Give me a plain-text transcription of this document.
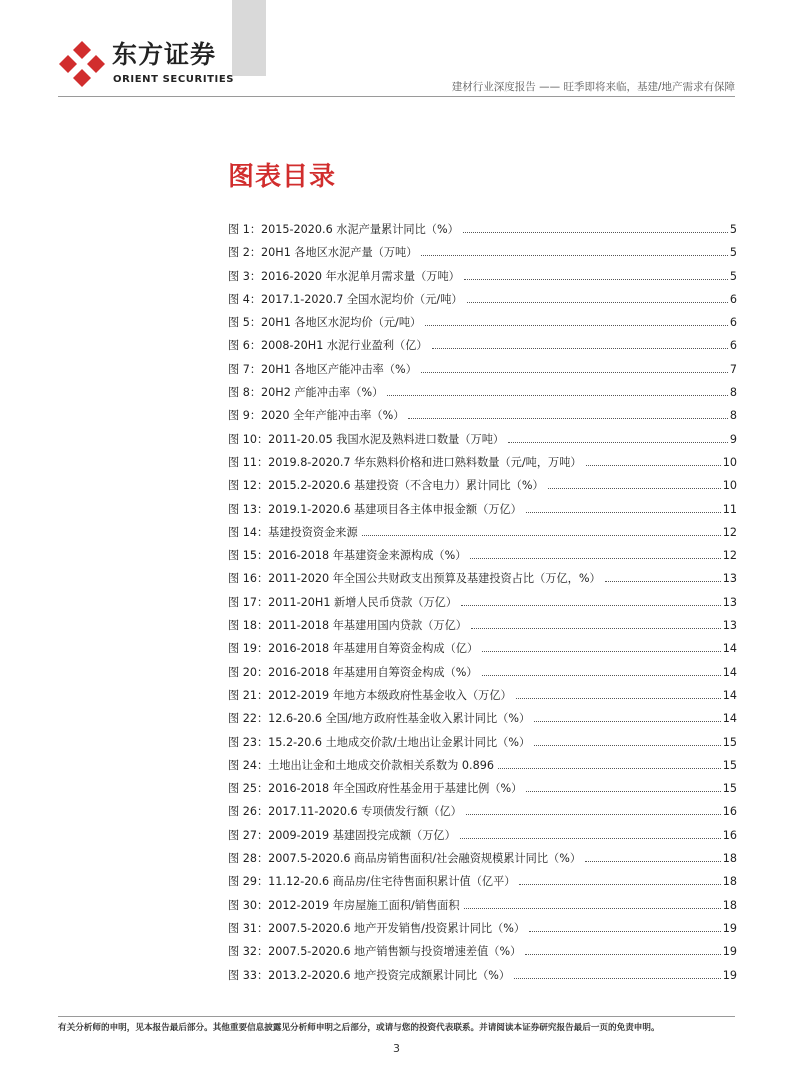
东方证券
ORIENT SECURITIES
建材行业深度报告 —— 旺季即将来临，基建/地产需求有保障
图表目录
图 1：2015-2020.6 水泥产量累计同比（%）	5
图 2：20H1 各地区水泥产量（万吨）	5
图 3：2016-2020 年水泥单月需求量（万吨）	5
图 4：2017.1-2020.7 全国水泥均价（元/吨）	6
图 5：20H1 各地区水泥均价（元/吨）	6
图 6：2008-20H1 水泥行业盈利（亿）	6
图 7：20H1 各地区产能冲击率（%）	7
图 8：20H2 产能冲击率（%）	8
图 9：2020 全年产能冲击率（%）	8
图 10：2011-20.05 我国水泥及熟料进口数量（万吨）	9
图 11：2019.8-2020.7 华东熟料价格和进口熟料数量（元/吨，万吨）	10
图 12：2015.2-2020.6 基建投资（不含电力）累计同比（%）	10
图 13：2019.1-2020.6 基建项目各主体申报金额（万亿）	11
图 14：基建投资资金来源	12
图 15：2016-2018 年基建资金来源构成（%）	12
图 16：2011-2020 年全国公共财政支出预算及基建投资占比（万亿，%）	13
图 17：2011-20H1 新增人民币贷款（万亿）	13
图 18：2011-2018 年基建用国内贷款（万亿）	13
图 19：2016-2018 年基建用自筹资金构成（亿）	14
图 20：2016-2018 年基建用自筹资金构成（%）	14
图 21：2012-2019 年地方本级政府性基金收入（万亿）	14
图 22：12.6-20.6 全国/地方政府性基金收入累计同比（%）	14
图 23：15.2-20.6 土地成交价款/土地出让金累计同比（%）	15
图 24：土地出让金和土地成交价款相关系数为 0.896	15
图 25：2016-2018 年全国政府性基金用于基建比例（%）	15
图 26：2017.11-2020.6 专项债发行额（亿）	16
图 27：2009-2019 基建固投完成额（万亿）	16
图 28：2007.5-2020.6 商品房销售面积/社会融资规模累计同比（%）	18
图 29：11.12-20.6 商品房/住宅待售面积累计值（亿平）	18
图 30：2012-2019 年房屋施工面积/销售面积	18
图 31：2007.5-2020.6 地产开发销售/投资累计同比（%）	19
图 32：2007.5-2020.6 地产销售额与投资增速差值（%）	19
图 33：2013.2-2020.6 地产投资完成额累计同比（%）	19
有关分析师的申明，见本报告最后部分。其他重要信息披露见分析师申明之后部分，或请与您的投资代表联系。并请阅读本证券研究报告最后一页的免责申明。
3
